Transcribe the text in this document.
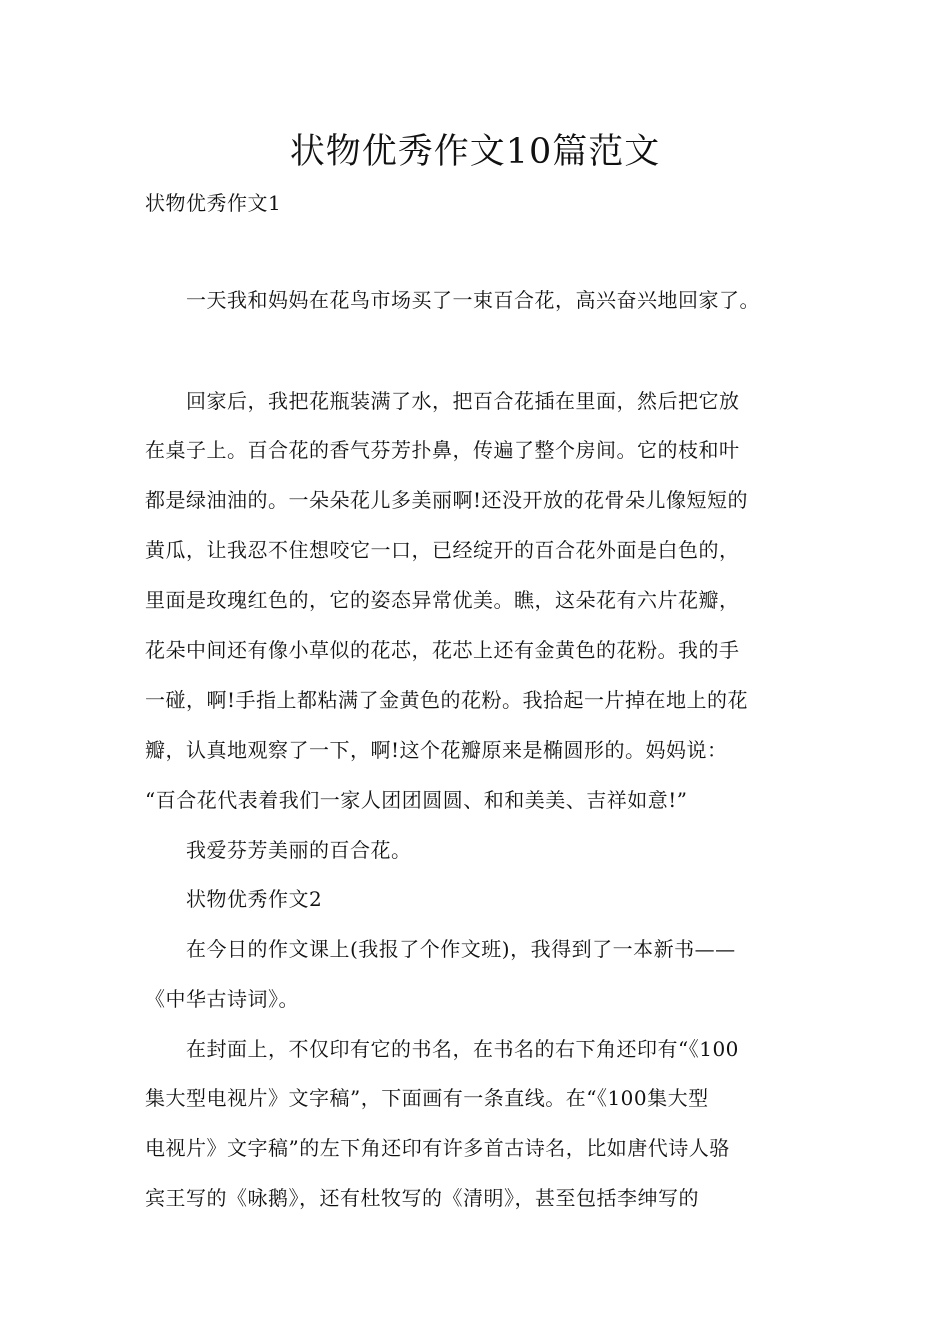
状物优秀作文10篇范文
状物优秀作文1
　　一天我和妈妈在花鸟市场买了一束百合花，高兴奋兴地回家了。
　　回家后，我把花瓶装满了水，把百合花插在里面，然后把它放
在桌子上。百合花的香气芬芳扑鼻，传遍了整个房间。它的枝和叶
都是绿油油的。一朵朵花儿多美丽啊!还没开放的花骨朵儿像短短的
黄瓜，让我忍不住想咬它一口，已经绽开的百合花外面是白色的，
里面是玫瑰红色的，它的姿态异常优美。瞧，这朵花有六片花瓣，
花朵中间还有像小草似的花芯，花芯上还有金黄色的花粉。我的手
一碰，啊!手指上都粘满了金黄色的花粉。我拾起一片掉在地上的花
瓣，认真地观察了一下，啊!这个花瓣原来是椭圆形的。妈妈说：
“百合花代表着我们一家人团团圆圆、和和美美、吉祥如意!”
　　我爱芬芳美丽的百合花。
　　状物优秀作文2
　　在今日的作文课上(我报了个作文班)，我得到了一本新书——
《中华古诗词》。
　　在封面上，不仅印有它的书名，在书名的右下角还印有“《100
集大型电视片》文字稿”，下面画有一条直线。在“《100集大型
电视片》文字稿”的左下角还印有许多首古诗名，比如唐代诗人骆
宾王写的《咏鹅》，还有杜牧写的《清明》，甚至包括李绅写的
